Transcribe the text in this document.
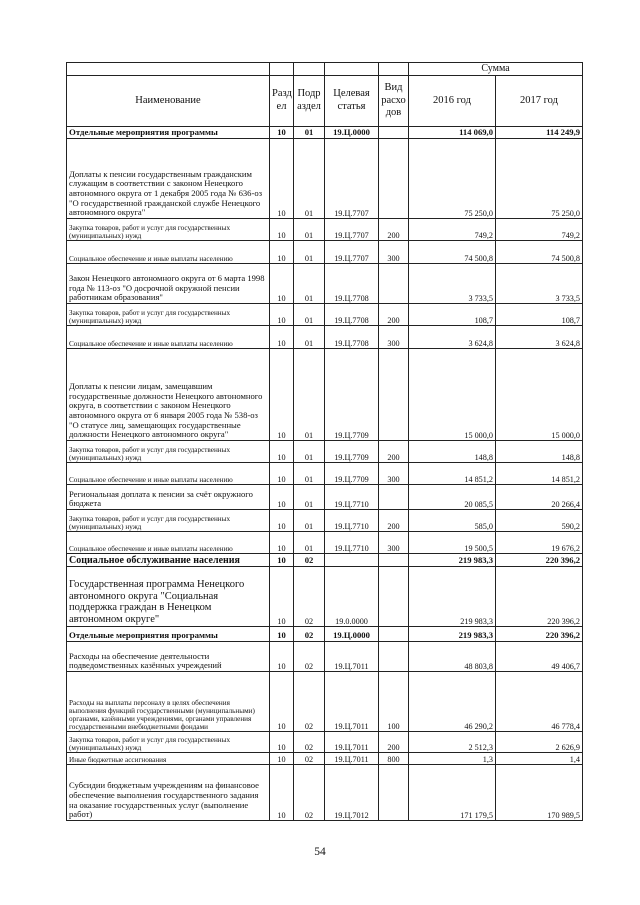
					Сумма	
Наименование	Разд ел	Подр аздел	Целевая статья	Вид расхо дов	2016 год	2017 год
Отдельные мероприятия программы	10	01	19.Ц.0000		114 069,0	114 249,9
Доплаты к пенсии государственным гражданским служащим в соответствии с законом Ненецкого автономного округа от 1 декабря 2005 года № 636-оз "О государственной гражданской службе Ненецкого автономного округа"	10	01	19.Ц.7707		75 250,0	75 250,0
Закупка товаров, работ и услуг для государственных (муниципальных) нужд	10	01	19.Ц.7707	200	749,2	749,2
Социальное обеспечение и иные выплаты населению	10	01	19.Ц.7707	300	74 500,8	74 500,8
Закон Ненецкого автономного округа от 6 марта 1998 года № 113-оз "О досрочной окружной пенсии работникам образования"	10	01	19.Ц.7708		3 733,5	3 733,5
Закупка товаров, работ и услуг для государственных (муниципальных) нужд	10	01	19.Ц.7708	200	108,7	108,7
Социальное обеспечение и иные выплаты населению	10	01	19.Ц.7708	300	3 624,8	3 624,8
Доплаты к пенсии лицам, замещавшим государственные должности Ненецкого автономного округа, в соответствии с законом Ненецкого автономного округа от 6 января 2005 года № 538-оз "О статусе лиц, замещающих государственные должности Ненецкого автономного округа"	10	01	19.Ц.7709		15 000,0	15 000,0
Закупка товаров, работ и услуг для государственных (муниципальных) нужд	10	01	19.Ц.7709	200	148,8	148,8
Социальное обеспечение и иные выплаты населению	10	01	19.Ц.7709	300	14 851,2	14 851,2
Региональная доплата к пенсии за счёт окружного бюджета	10	01	19.Ц.7710		20 085,5	20 266,4
Закупка товаров, работ и услуг для государственных (муниципальных) нужд	10	01	19.Ц.7710	200	585,0	590,2
Социальное обеспечение и иные выплаты населению	10	01	19.Ц.7710	300	19 500,5	19 676,2
Социальное обслуживание населения	10	02			219 983,3	220 396,2
Государственная программа Ненецкого автономного округа "Социальная поддержка граждан в Ненецком автономном округе"	10	02	19.0.0000		219 983,3	220 396,2
Отдельные мероприятия программы	10	02	19.Ц.0000		219 983,3	220 396,2
Расходы на обеспечение деятельности подведомственных казённых учреждений	10	02	19.Ц.7011		48 803,8	49 406,7
Расходы на выплаты персоналу в целях обеспечения выполнения функций государственными (муниципальными) органами, казёнными учреждениями, органами управления государственными внебюджетными фондами	10	02	19.Ц.7011	100	46 290,2	46 778,4
Закупка товаров, работ и услуг для государственных (муниципальных) нужд	10	02	19.Ц.7011	200	2 512,3	2 626,9
Иные бюджетные ассигнования	10	02	19.Ц.7011	800	1,3	1,4
Субсидии бюджетным учреждениям на финансовое обеспечение выполнения государственного задания на оказание государственных услуг (выполнение работ)	10	02	19.Ц.7012		171 179,5	170 989,5
54
